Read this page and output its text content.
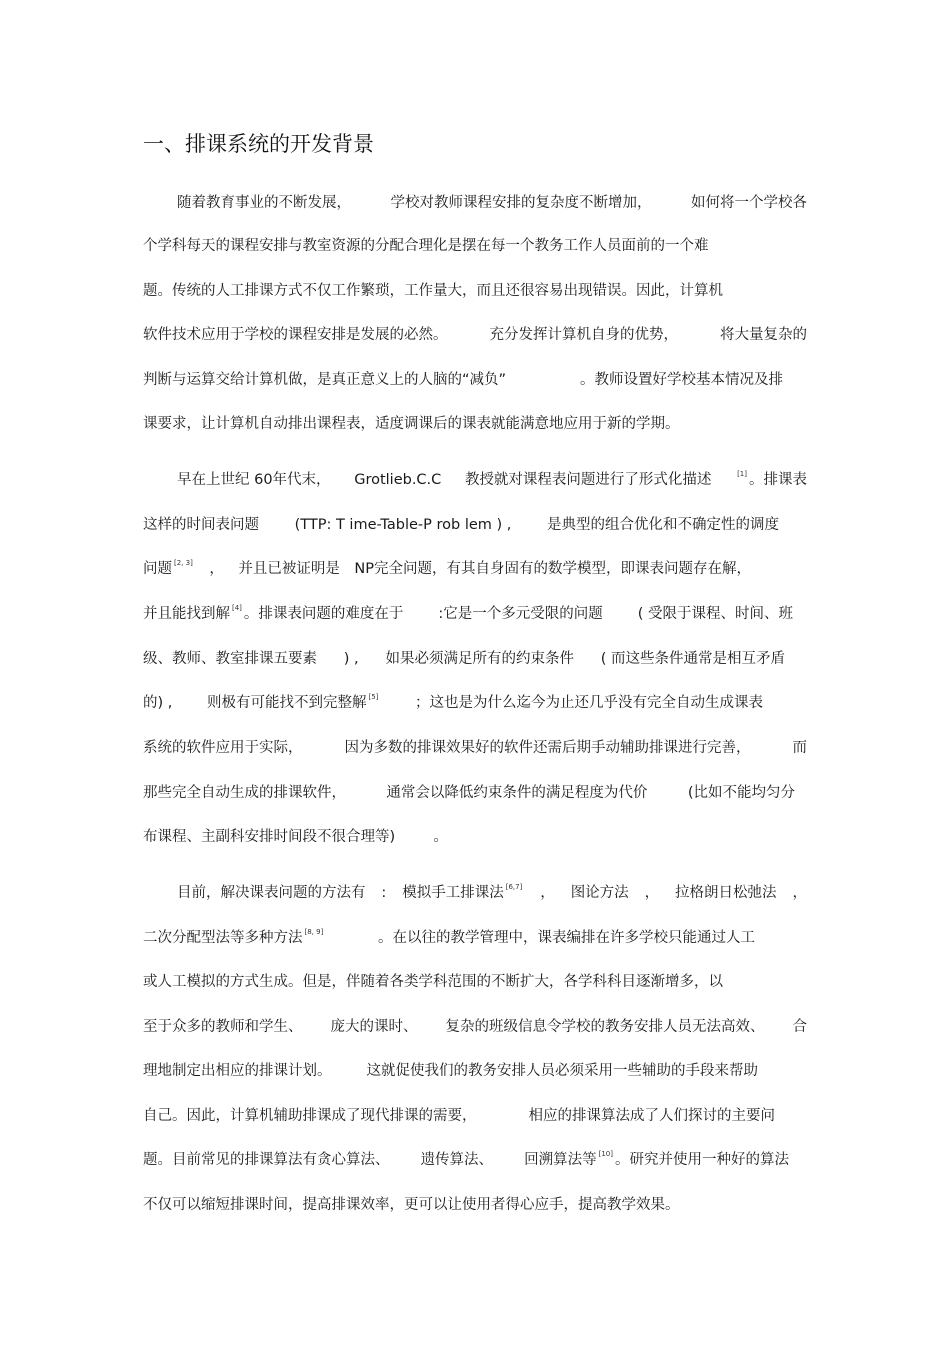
一、排课系统的开发背景
随着教育事业的不断发展，	学校对教师课程安排的复杂度不断增加，	如何将一个学校各
个学科每天的课程安排与教室资源的分配合理化是摆在每一个教务工作人员面前的一个难
题。传统的人工排课方式不仅工作繁琐，工作量大，而且还很容易出现错误。因此，计算机
软件技术应用于学校的课程安排是发展的必然。	充分发挥计算机自身的优势，	将大量复杂的
判断与运算交给计算机做，是真正意义上的人脑的“减负”	。教师设置好学校基本情况及排
课要求，让计算机自动排出课程表，适度调课后的课表就能满意地应用于新的学期。
早在上世纪 60年代末， Grotlieb.C.C 教授就对课程表问题进行了形式化描述	[1] 。排课表
这样的时间表问题 (TTP: T ime-Table-P rob lem ) , 是典型的组合优化和不确定性的调度
问题 [2, 3] ， 并且已被证明是 NP完全问题，有其自身固有的数学模型，即课表问题存在解，
并且能找到解 [4] 。排课表问题的难度在于 :它是一个多元受限的问题 ( 受限于课程、时间、班
级、教师、教室排课五要素 ) , 如果必须满足所有的约束条件 ( 而这些条件通常是相互矛盾
的) , 则极有可能找不到完整解 [5]	；这也是为什么迄今为止还几乎没有完全自动生成课表
系统的软件应用于实际，	因为多数的排课效果好的软件还需后期手动辅助排课进行完善，	而
那些完全自动生成的排课软件，	通常会以降低约束条件的满足程度为代价	(比如不能均匀分
布课程、主副科安排时间段不很合理等)	。
目前，解决课表问题的方法有 : 模拟手工排课法 [6,7] ， 图论方法 ， 拉格朗日松弛法 ，
二次分配型法等多种方法 [8, 9]	。在以往的教学管理中，课表编排在许多学校只能通过人工
或人工模拟的方式生成。但是，伴随着各类学科范围的不断扩大，各学科科目逐渐增多，以
至于众多的教师和学生、 庞大的课时、 复杂的班级信息令学校的教务安排人员无法高效、 合
理地制定出相应的排课计划。 这就促使我们的教务安排人员必须采用一些辅助的手段来帮助
自己。因此，计算机辅助排课成了现代排课的需要，	相应的排课算法成了人们探讨的主要问
题。目前常见的排课算法有贪心算法、 遗传算法、 回溯算法等 [10] 。研究并使用一种好的算法
不仅可以缩短排课时间，提高排课效率，更可以让使用者得心应手，提高教学效果。
